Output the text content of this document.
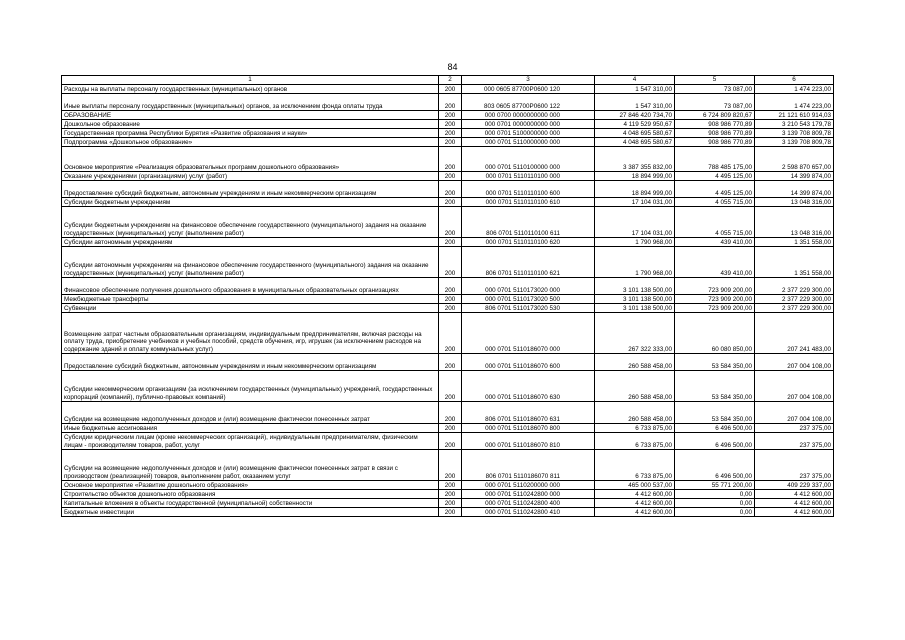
84
1	2	3	4	5	6
Расходы на выплаты персоналу государственных (муниципальных) органов	200	000 0605 87700P0600 120	1 547 310,00	73 087,00	1 474 223,00
Иные выплаты персоналу государственных (муниципальных) органов, за исключением фонда оплаты труда	200	803 0605 87700P0600 122	1 547 310,00	73 087,00	1 474 223,00
ОБРАЗОВАНИЕ	200	000 0700 0000000000 000	27 846 420 734,70	6 724 809 820,67	21 121 610 914,03
Дошкольное образование	200	000 0701 0000000000 000	4 119 529 950,67	908 986 770,89	3 210 543 179,78
Государственная программа Республики Бурятия «Развитие образования и науки»	200	000 0701 5100000000 000	4 048 695 580,67	908 986 770,89	3 139 708 809,78
Подпрограмма «Дошкольное образование»	200	000 0701 5110000000 000	4 048 695 580,67	908 986 770,89	3 139 708 809,78
Основное мероприятие «Реализация образовательных программ дошкольного образования»	200	000 0701 5110100000 000	3 387 355 832,00	788 485 175,00	2 598 870 657,00
Оказание учреждениями (организациями) услуг (работ)	200	000 0701 5110110100 000	18 894 999,00	4 495 125,00	14 399 874,00
Предоставление субсидий бюджетным, автономным учреждениям и иным некоммерческим организациям	200	000 0701 5110110100 600	18 894 999,00	4 495 125,00	14 399 874,00
Субсидии бюджетным учреждениям	200	000 0701 5110110100 610	17 104 031,00	4 055 715,00	13 048 316,00
Субсидии бюджетным учреждениям на финансовое обеспечение государственного (муниципального) задания на оказание государственных (муниципальных) услуг (выполнение работ)	200	806 0701 5110110100 611	17 104 031,00	4 055 715,00	13 048 316,00
Субсидии автономным учреждениям	200	000 0701 5110110100 620	1 790 968,00	439 410,00	1 351 558,00
Субсидии автономным учреждениям на финансовое обеспечение государственного (муниципального) задания на оказание государственных (муниципальных) услуг (выполнение работ)	200	806 0701 5110110100 621	1 790 968,00	439 410,00	1 351 558,00
Финансовое обеспечение получения дошкольного образования в муниципальных образовательных организациях	200	000 0701 5110173020 000	3 101 138 500,00	723 909 200,00	2 377 229 300,00
Межбюджетные трансферты	200	000 0701 5110173020 500	3 101 138 500,00	723 909 200,00	2 377 229 300,00
Субвенции	200	806 0701 5110173020 530	3 101 138 500,00	723 909 200,00	2 377 229 300,00
Возмещение затрат частным образовательным организациям, индивидуальным предпринимателям, включая расходы на оплату труда, приобретение учебников и учебных пособий, средств обучения, игр, игрушек (за исключением расходов на содержание зданий и оплату коммунальных услуг)	200	000 0701 5110186070 000	267 322 333,00	60 080 850,00	207 241 483,00
Предоставление субсидий бюджетным, автономным учреждениям и иным некоммерческим организациям	200	000 0701 5110186070 600	260 588 458,00	53 584 350,00	207 004 108,00
Субсидии некоммерческим организациям (за исключением государственных (муниципальных) учреждений, государственных корпораций (компаний), публично-правовых компаний)	200	000 0701 5110186070 630	260 588 458,00	53 584 350,00	207 004 108,00
Субсидии на возмещение недополученных доходов и (или) возмещение фактически понесенных затрат	200	806 0701 5110186070 631	260 588 458,00	53 584 350,00	207 004 108,00
Иные бюджетные ассигнования	200	000 0701 5110186070 800	6 733 875,00	6 496 500,00	237 375,00
Субсидии юридическим лицам (кроме некоммерческих организаций), индивидуальным предпринимателям, физическим лицам - производителям товаров, работ, услуг	200	000 0701 5110186070 810	6 733 875,00	6 496 500,00	237 375,00
Субсидии на возмещение недополученных доходов и (или) возмещение фактически понесенных затрат в связи с производством (реализацией) товаров, выполнением работ, оказанием услуг	200	806 0701 5110186070 811	6 733 875,00	6 496 500,00	237 375,00
Основное мероприятие «Развитие дошкольного образования»	200	000 0701 5110200000 000	465 000 537,00	55 771 200,00	409 229 337,00
Строительство объектов дошкольного образования	200	000 0701 5110242800 000	4 412 600,00	0,00	4 412 600,00
Капитальные вложения в объекты государственной (муниципальной) собственности	200	000 0701 5110242800 400	4 412 600,00	0,00	4 412 600,00
Бюджетные инвестиции	200	000 0701 5110242800 410	4 412 600,00	0,00	4 412 600,00
